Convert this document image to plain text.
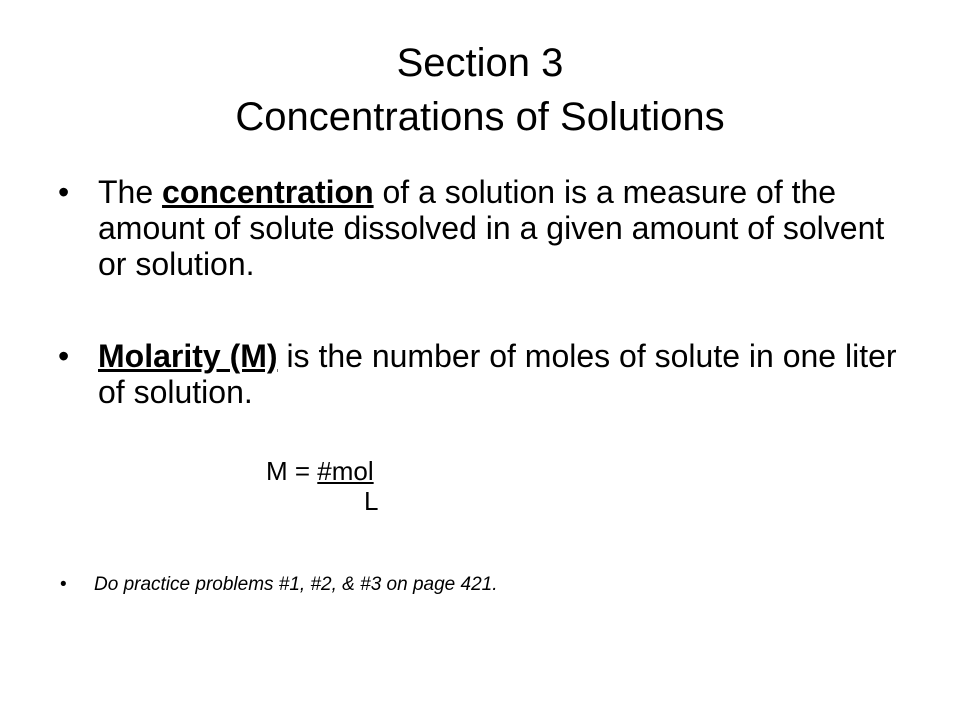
Section 3
Concentrations of Solutions
• The concentration of a solution is a measure of the amount of solute dissolved in a given amount of solvent or solution.
• Molarity (M) is the number of moles of solute in one liter of solution.
M = #mol
L
• Do practice problems #1, #2, & #3 on page 421.
